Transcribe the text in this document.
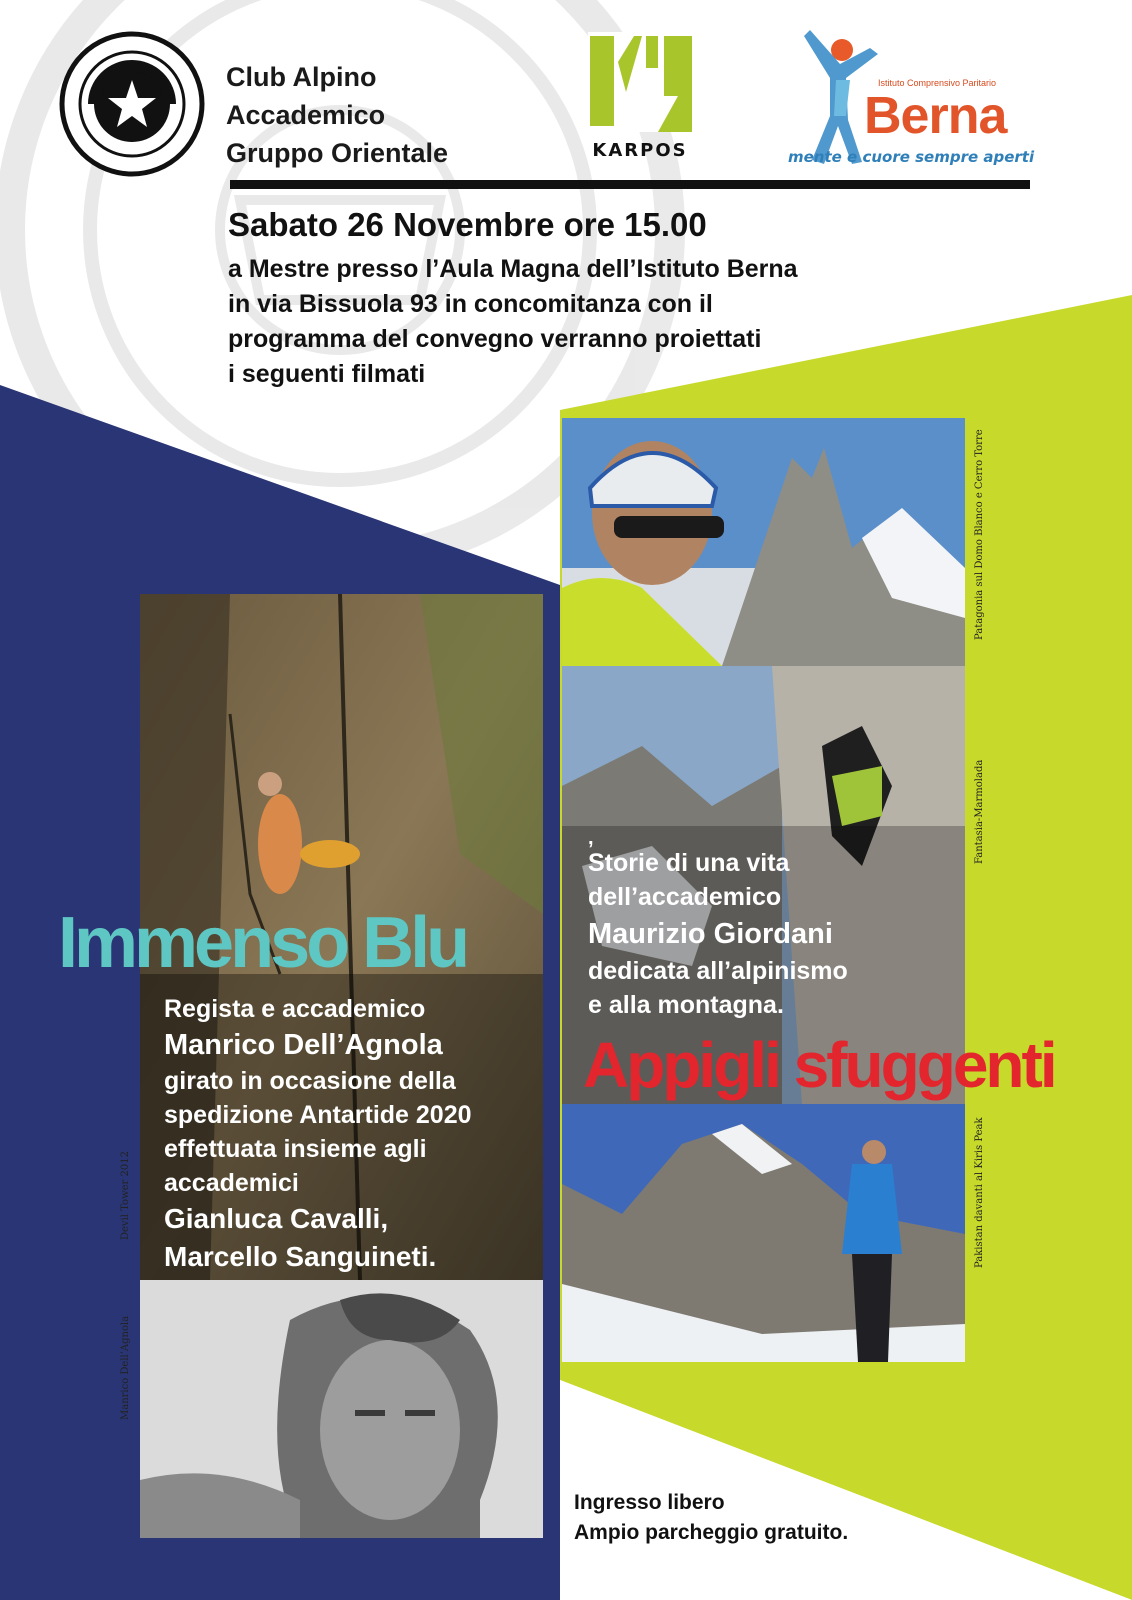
Club Alpino
Accademico
Gruppo Orientale	KARPOS
Istituto Comprensivo Paritario
Berna
mente e cuore sempre aperti
Sabato 26 Novembre ore 15.00
a Mestre presso l’Aula Magna dell’Istituto Berna
in via Bissuola 93 in concomitanza con il
programma del convegno verranno proiettati
i seguenti filmati
Devil Tower 2012
Manrico Dell’Agnola
Patagonia sul Domo Blanco e Cerro Torre
Fantasia-Marmolada
Pakistan davanti al Kiris Peak
Immenso Blu
Regista e accademico
Manrico Dell’Agnola
girato in occasione della
spedizione Antartide 2020
effettuata insieme agli
accademici
Gianluca Cavalli,
Marcello Sanguineti.
,
Storie di una vita
dell’accademico
Maurizio Giordani
dedicata all’alpinismo
e alla montagna.
Appigli sfuggenti
Ingresso libero
Ampio parcheggio gratuito.
